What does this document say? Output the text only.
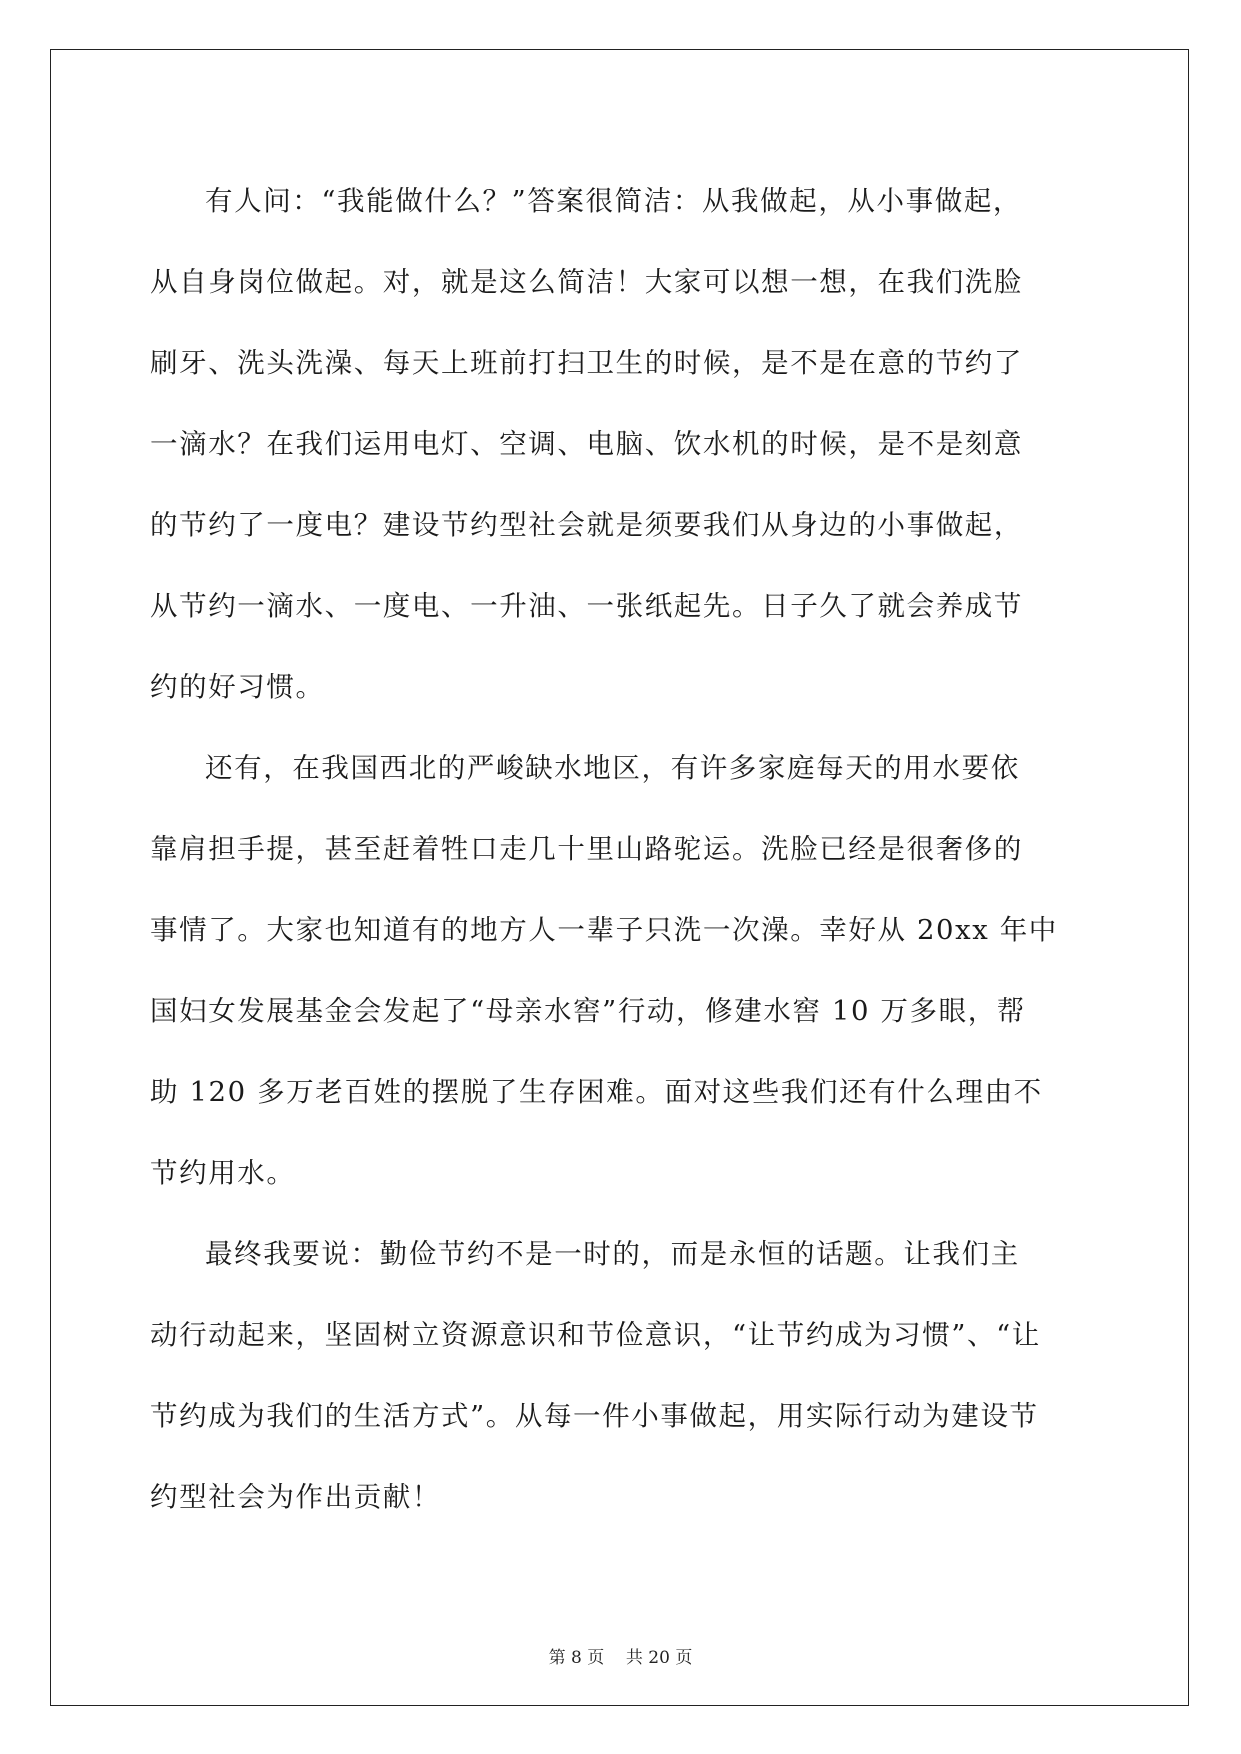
有人问：“我能做什么？”答案很简洁：从我做起，从小事做起，
从自身岗位做起。对，就是这么简洁！大家可以想一想，在我们洗脸
刷牙、洗头洗澡、每天上班前打扫卫生的时候，是不是在意的节约了
一滴水？在我们运用电灯、空调、电脑、饮水机的时候，是不是刻意
的节约了一度电？建设节约型社会就是须要我们从身边的小事做起，
从节约一滴水、一度电、一升油、一张纸起先。日子久了就会养成节
约的好习惯。

还有，在我国西北的严峻缺水地区，有许多家庭每天的用水要依
靠肩担手提，甚至赶着牲口走几十里山路驼运。洗脸已经是很奢侈的
事情了。大家也知道有的地方人一辈子只洗一次澡。幸好从 20xx 年中
国妇女发展基金会发起了“母亲水窖”行动，修建水窖 10 万多眼，帮
助 120 多万老百姓的摆脱了生存困难。面对这些我们还有什么理由不
节约用水。

最终我要说：勤俭节约不是一时的，而是永恒的话题。让我们主
动行动起来，坚固树立资源意识和节俭意识，“让节约成为习惯”、“让
节约成为我们的生活方式”。从每一件小事做起，用实际行动为建设节
约型社会为作出贡献！

第 8 页 共 20 页
